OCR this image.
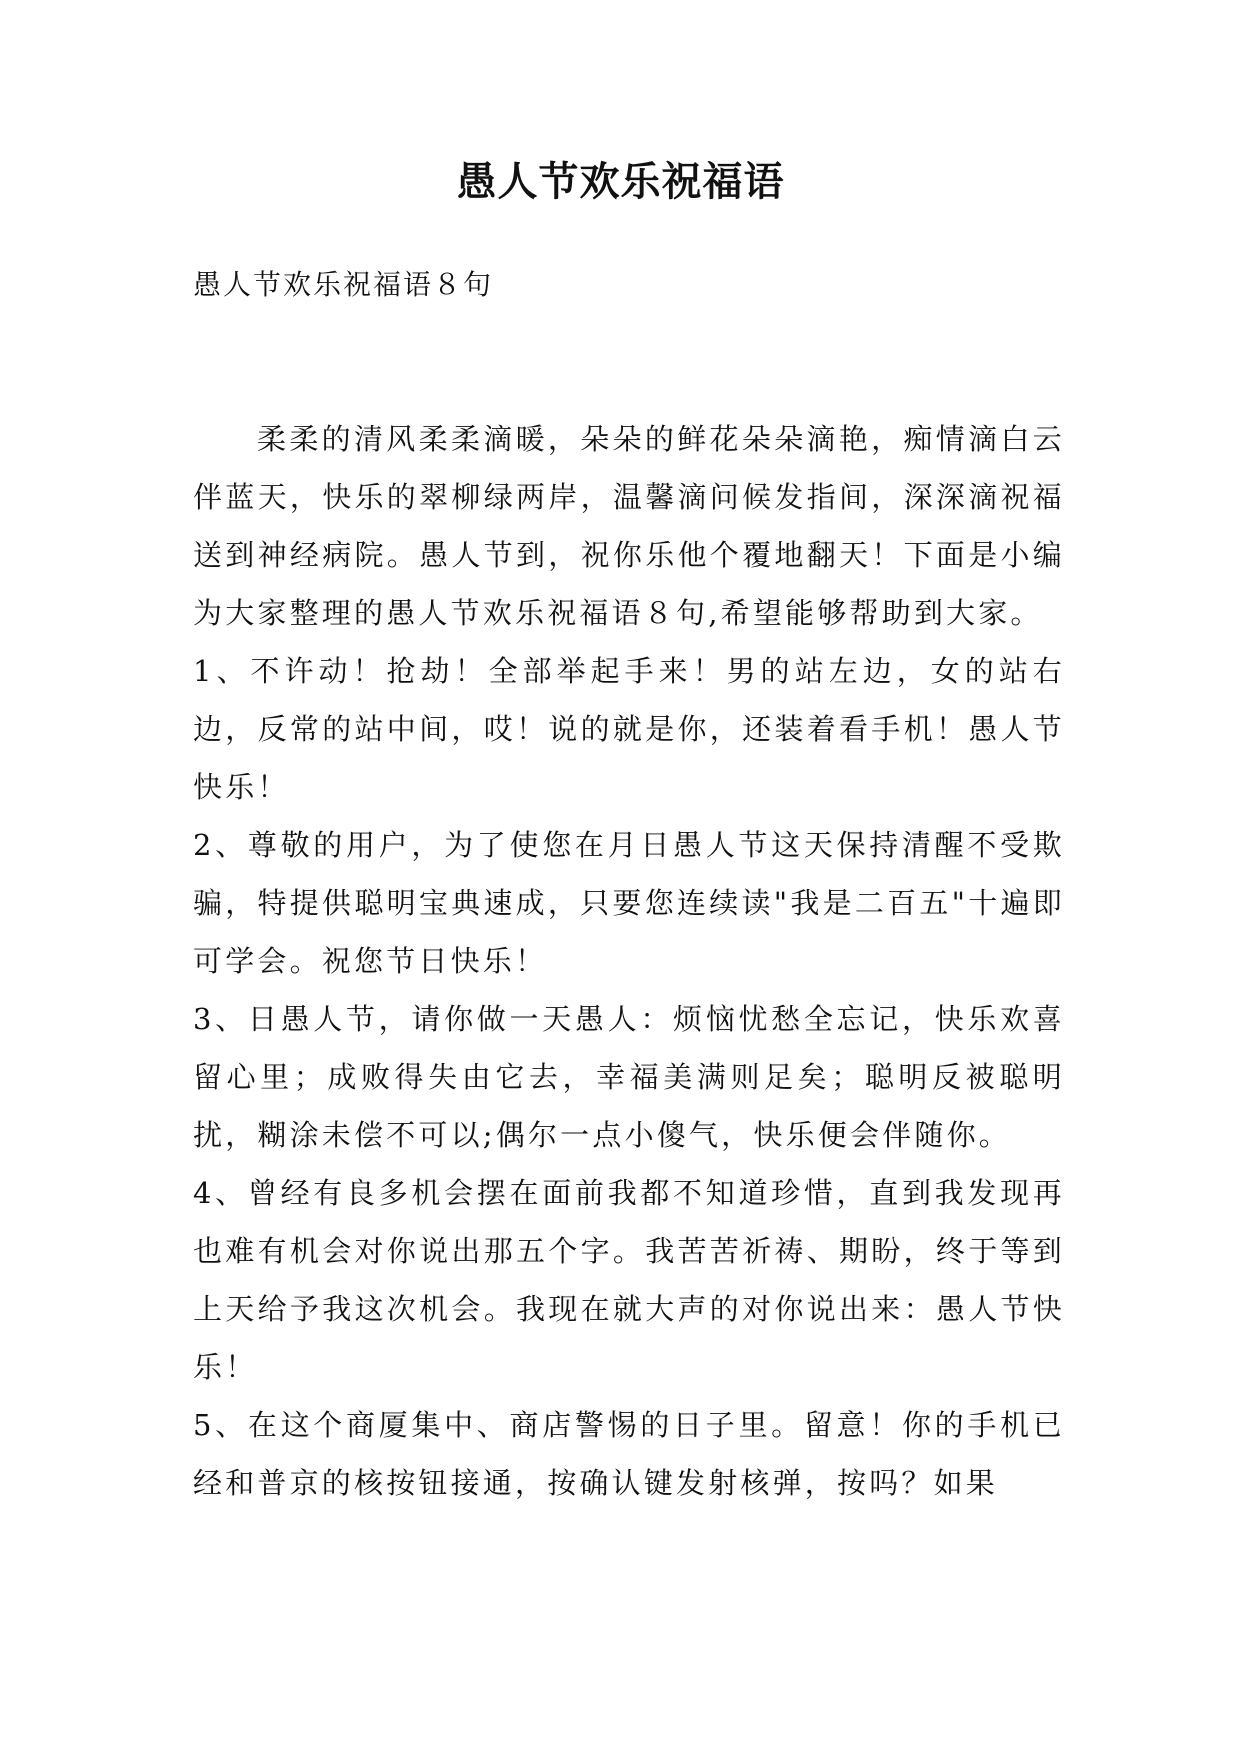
愚人节欢乐祝福语

愚人节欢乐祝福语８句

柔柔的清风柔柔滴暖，朵朵的鲜花朵朵滴艳，痴情滴白云伴蓝天，快乐的翠柳绿两岸，温馨滴问候发指间，深深滴祝福送到神经病院。愚人节到，祝你乐他个覆地翻天！下面是小编为大家整理的愚人节欢乐祝福语８句,希望能够帮助到大家。

1、不许动！抢劫！全部举起手来！男的站左边，女的站右边，反常的站中间，哎！说的就是你，还装着看手机！愚人节快乐！

2、尊敬的用户，为了使您在月日愚人节这天保持清醒不受欺骗，特提供聪明宝典速成，只要您连续读"我是二百五"十遍即可学会。祝您节日快乐！

3、日愚人节，请你做一天愚人：烦恼忧愁全忘记，快乐欢喜留心里；成败得失由它去，幸福美满则足矣；聪明反被聪明扰，糊涂未偿不可以;偶尔一点小傻气，快乐便会伴随你。

4、曾经有良多机会摆在面前我都不知道珍惜，直到我发现再也难有机会对你说出那五个字。我苦苦祈祷、期盼，终于等到上天给予我这次机会。我现在就大声的对你说出来：愚人节快乐！

5、在这个商厦集中、商店警惕的日子里。留意！你的手机已经和普京的核按钮接通，按确认键发射核弹，按吗？如果
